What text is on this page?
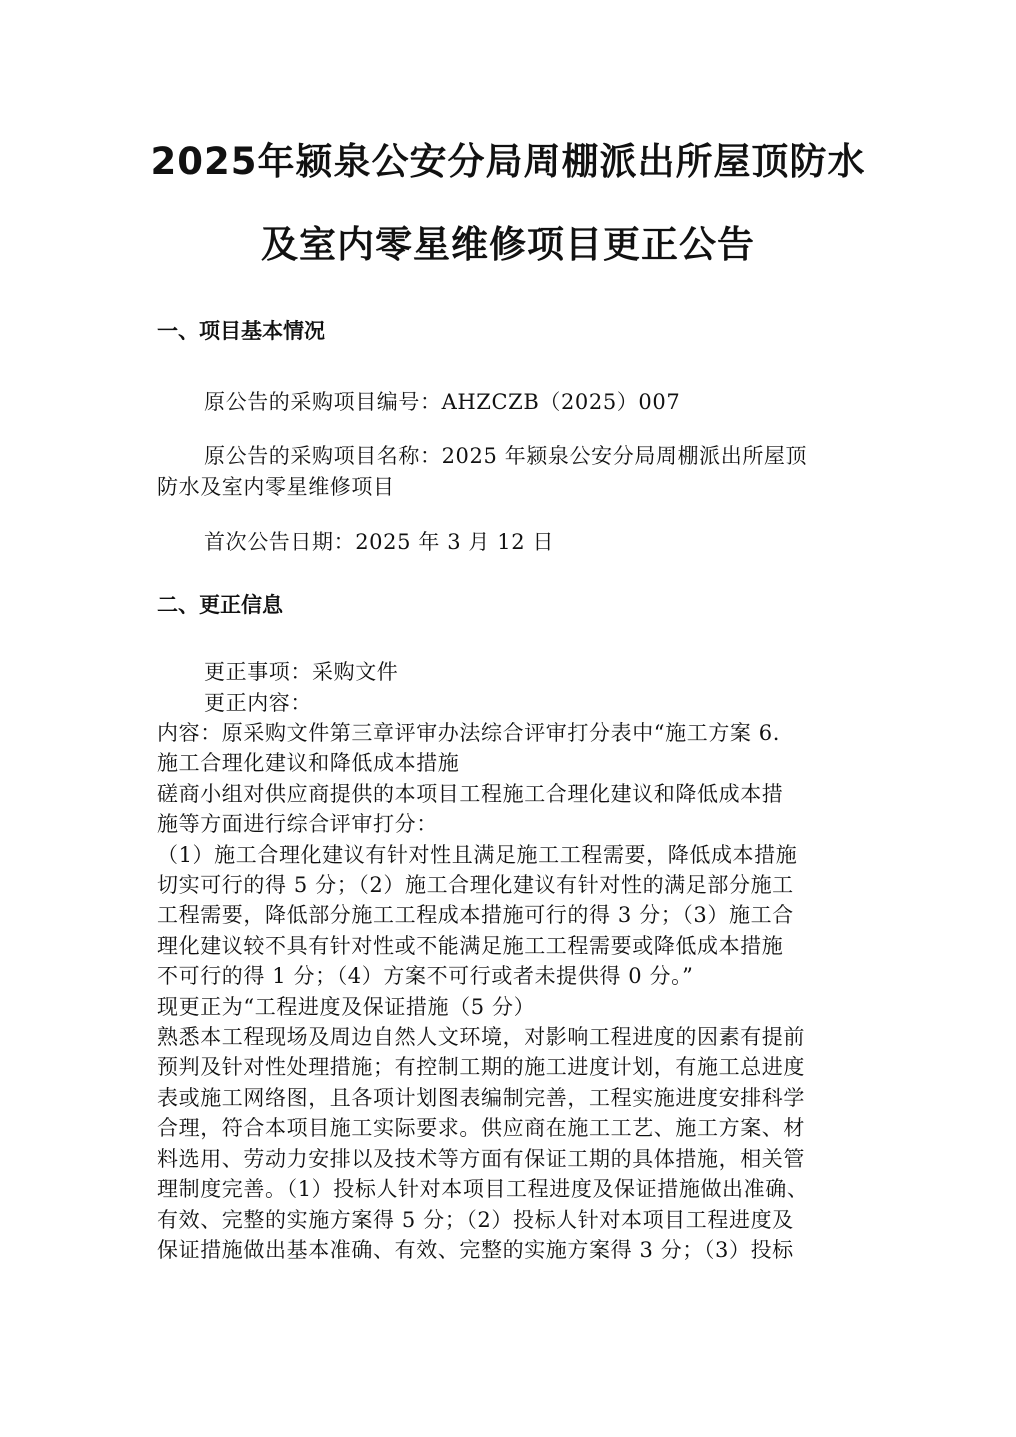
2025年颍泉公安分局周棚派出所屋顶防水
及室内零星维修项目更正公告
一、项目基本情况

原公告的采购项目编号：AHZCZB（2025）007

原公告的采购项目名称：2025 年颍泉公安分局周棚派出所屋顶

防水及室内零星维修项目

首次公告日期：2025 年 3 月 12 日

二、更正信息

更正事项：采购文件

更正内容：

内容：原采购文件第三章评审办法综合评审打分表中“施工方案 6.
施工合理化建议和降低成本措施
磋商小组对供应商提供的本项目工程施工合理化建议和降低成本措
施等方面进行综合评审打分：
（1）施工合理化建议有针对性且满足施工工程需要，降低成本措施
切实可行的得 5 分；（2）施工合理化建议有针对性的满足部分施工
工程需要，降低部分施工工程成本措施可行的得 3 分；（3）施工合
理化建议较不具有针对性或不能满足施工工程需要或降低成本措施
不可行的得 1 分；（4）方案不可行或者未提供得 0 分。”
现更正为“工程进度及保证措施（5 分）
熟悉本工程现场及周边自然人文环境，对影响工程进度的因素有提前
预判及针对性处理措施；有控制工期的施工进度计划，有施工总进度
表或施工网络图，且各项计划图表编制完善，工程实施进度安排科学
合理，符合本项目施工实际要求。供应商在施工工艺、施工方案、材
料选用、劳动力安排以及技术等方面有保证工期的具体措施，相关管
理制度完善。（1）投标人针对本项目工程进度及保证措施做出准确、
有效、完整的实施方案得 5 分；（2）投标人针对本项目工程进度及
保证措施做出基本准确、有效、完整的实施方案得 3 分；（3）投标
